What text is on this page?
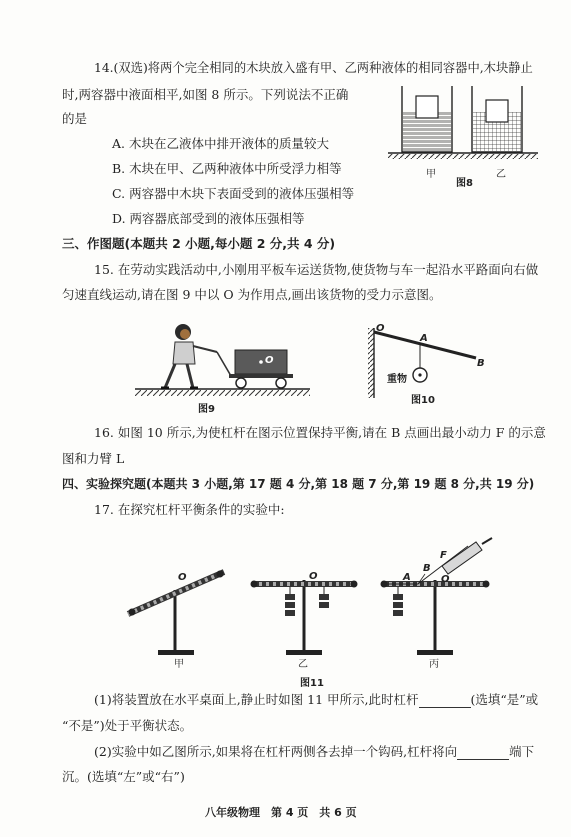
14.(双选)将两个完全相同的木块放入盛有甲、乙两种液体的相同容器中,木块静止
时,两容器中液面相平,如图 8 所示。下列说法不正确
的是
A. 木块在乙液体中排开液体的质量较大
B. 木块在甲、乙两种液体中所受浮力相等
C. 两容器中木块下表面受到的液体压强相等
D. 两容器底部受到的液体压强相等
甲	乙
图8
三、作图题(本题共 2 小题,每小题 2 分,共 4 分)
15. 在劳动实践活动中,小刚用平板车运送货物,使货物与车一起沿水平路面向右做
匀速直线运动,请在图 9 中以 O 为作用点,画出该货物的受力示意图。
O
图9
O
A
B
重物
图10
16. 如图 10 所示,为使杠杆在图示位置保持平衡,请在 B 点画出最小动力 F 的示意
图和力臂 L
四、实验探究题(本题共 3 小题,第 17 题 4 分,第 18 题 7 分,第 19 题 8 分,共 19 分)
17. 在探究杠杆平衡条件的实验中:
O	O	A
B
O
F
甲	乙	丙
图11
(1)将装置放在水平桌面上,静止时如图 11 甲所示,此时杠杆	(选填“是”或
“不是”)处于平衡状态。
(2)实验中如乙图所示,如果将在杠杆两侧各去掉一个钩码,杠杆将向	端下
沉。(选填“左”或“右”)
八年级物理　第 4 页　共 6 页
